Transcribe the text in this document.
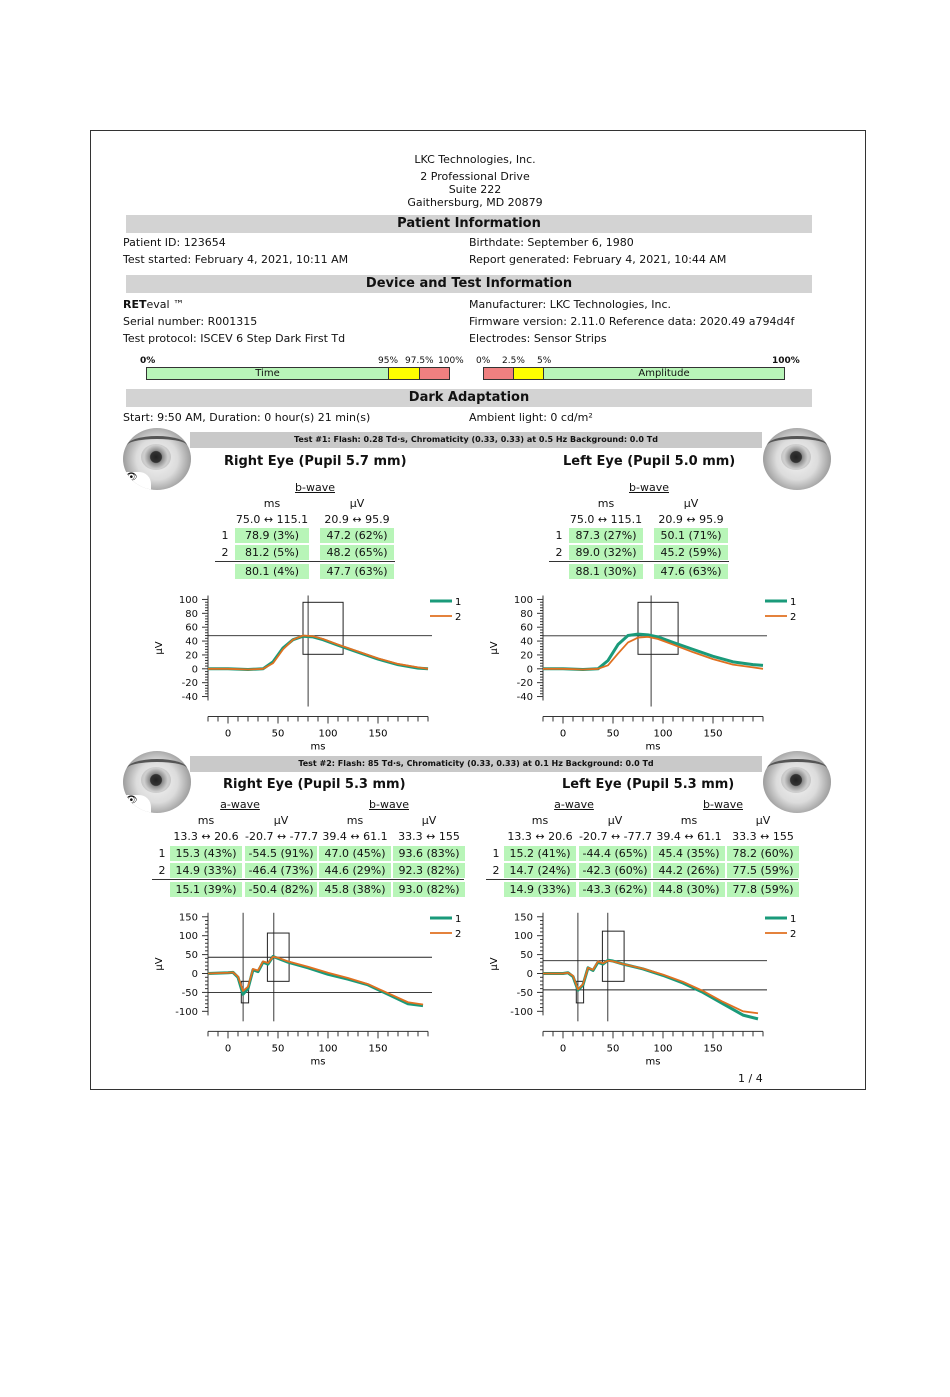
LKC Technologies, Inc.
2 Professional Drive
Suite 222
Gaithersburg, MD 20879
Patient Information
Patient ID: 123654	Birthdate: September 6, 1980
Test started: February 4, 2021, 10:11 AM	Report generated: February 4, 2021, 10:44 AM
Device and Test Information
RETeval ™	Manufacturer: LKC Technologies, Inc.
Serial number: R001315	Firmware version: 2.11.0 Reference data: 2020.49 a794d4f
Test protocol: ISCEV 6 Step Dark First Td	Electrodes: Sensor Strips
0%	95% 97.5% 100%
Time
0% 2.5% 5%	100%
Amplitude
Dark Adaptation
Start: 9:50 AM, Duration: 0 hour(s) 21 min(s)	Ambient light: 0 cd/m²
Test #1: Flash: 0.28 Td·s, Chromaticity (0.33, 0.33) at 0.5 Hz Background: 0.0 Td
👁
Right Eye (Pupil 5.7 mm)	Left Eye (Pupil 5.0 mm)
b-wave
ms	µV
75.0 ↔ 115.1	20.9 ↔ 95.9
1	78.9 (3%)	47.2 (62%)
2	81.2 (5%)	48.2 (65%)
80.1 (4%)	47.7 (63%)
b-wave
ms	µV
75.0 ↔ 115.1	20.9 ↔ 95.9
1	87.3 (27%)	50.1 (71%)
2	89.0 (32%)	45.2 (59%)
88.1 (30%)	47.6 (63%)
100
80
60
40
20
0
-20
-40
µV
0	50	100	150
ms
1
2
100
80
60
40
20
0
-20
-40
µV
0	50	100	150
ms
1
2
Test #2: Flash: 85 Td·s, Chromaticity (0.33, 0.33) at 0.1 Hz Background: 0.0 Td
👁
Right Eye (Pupil 5.3 mm)	Left Eye (Pupil 5.3 mm)
a-wave	b-wave
ms
13.3 ↔ 20.6
µV
-20.7 ↔ -77.7
ms
39.4 ↔ 61.1
µV
33.3 ↔ 155
1 15.3 (43%)	-54.5 (91%) 47.0 (45%)	93.6 (83%)
2 14.9 (33%)	-46.4 (73%) 44.6 (29%)	92.3 (82%)
15.1 (39%)	-50.4 (82%) 45.8 (38%)	93.0 (82%)
a-wave	b-wave
ms
13.3 ↔ 20.6
µV
-20.7 ↔ -77.7
ms
39.4 ↔ 61.1
µV
33.3 ↔ 155
1 15.2 (41%)	-44.4 (65%) 45.4 (35%)	78.2 (60%)
2 14.7 (24%)	-42.3 (60%) 44.2 (26%)	77.5 (59%)
14.9 (33%)	-43.3 (62%) 44.8 (30%)	77.8 (59%)
150
100
50
0
-50
-100
µV
0	50	100	150
ms
1
2
150
100
50
0
-50
-100
µV
0	50	100	150
ms
1
2
1 / 4
